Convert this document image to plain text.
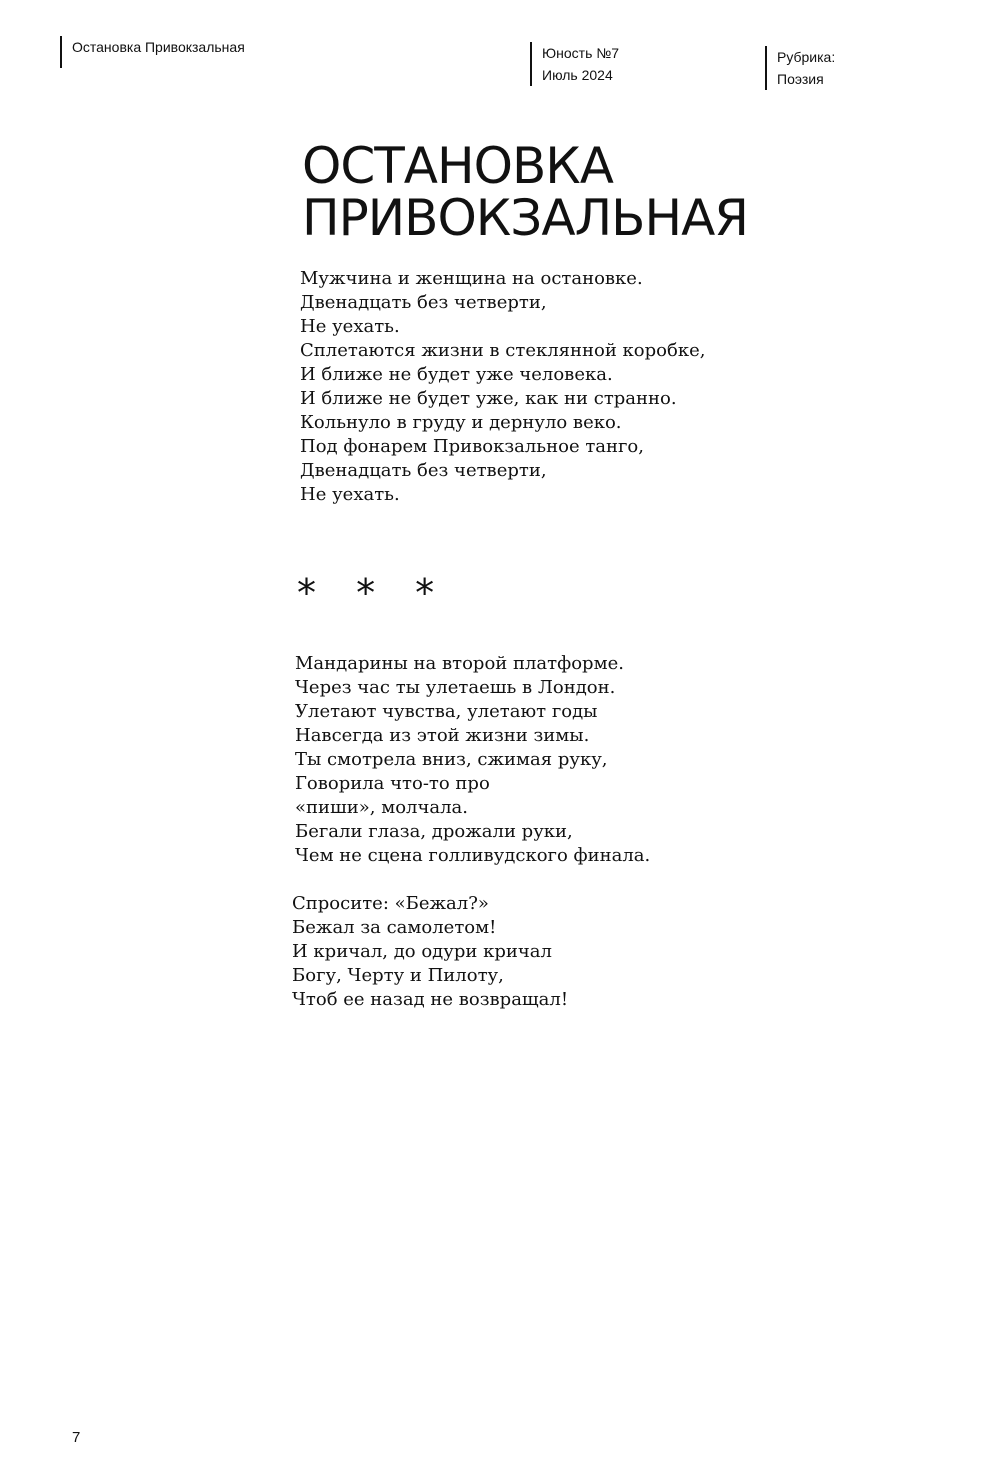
Остановка Привокзальная	Юность №7
Июль 2024
Рубрика:
Поэзия
ОСТАНОВКА
ПРИВОКЗАЛЬНАЯ
Мужчина и женщина на остановке.
Двенадцать без четверти,
Не уехать.
Сплетаются жизни в стеклянной коробке,
И ближе не будет уже человека.
И ближе не будет уже, как ни странно.
Кольнуло в груду и дернуло веко.
Под фонарем Привокзальное танго,
Двенадцать без четверти,
Не уехать.
* * *
Мандарины на второй платформе.
Через час ты улетаешь в Лондон.
Улетают чувства, улетают годы
Навсегда из этой жизни зимы.
Ты смотрела вниз, сжимая руку,
Говорила что-то про
«пиши», молчала.
Бегали глаза, дрожали руки,
Чем не сцена голливудского финала.
Спросите: «Бежал?»
Бежал за самолетом!
И кричал, до одури кричал
Богу, Черту и Пилоту,
Чтоб ее назад не возвращал!
7
